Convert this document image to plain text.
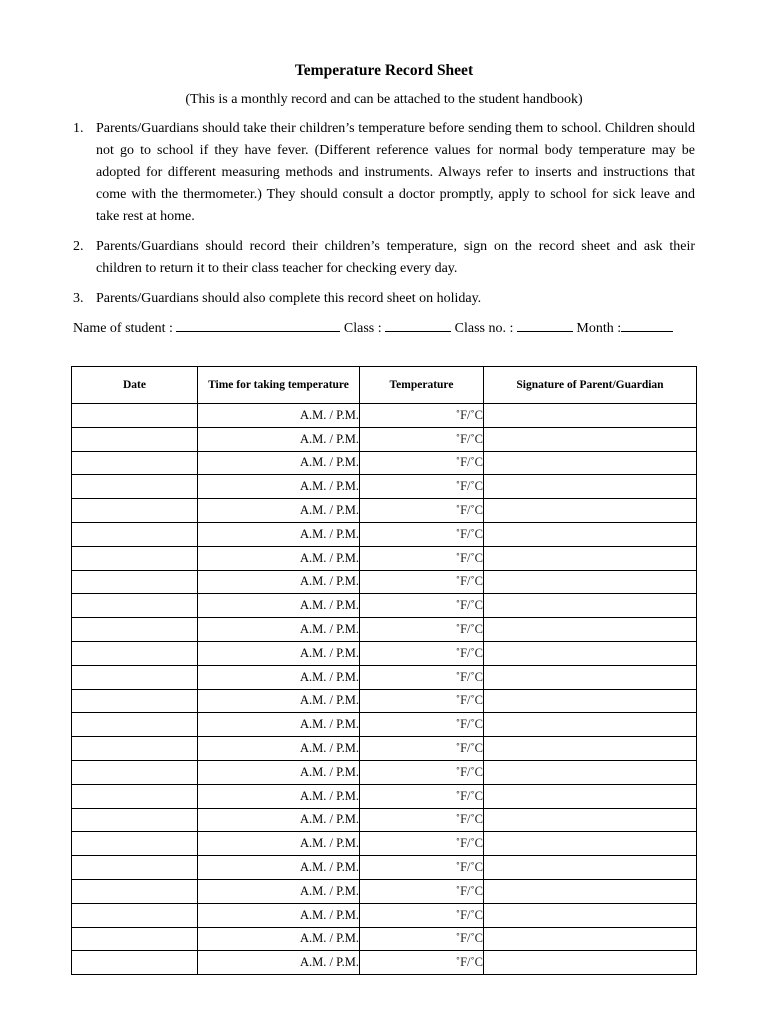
Temperature Record Sheet
(This is a monthly record and can be attached to the student handbook)
1. Parents/Guardians should take their children’s temperature before sending them to school. Children should not go to school if they have fever. (Different reference values for normal body temperature may be adopted for different measuring methods and instruments. Always refer to inserts and instructions that come with the thermometer.) They should consult a doctor promptly, apply to school for sick leave and take rest at home.
2. Parents/Guardians should record their children’s temperature, sign on the record sheet and ask their children to return it to their class teacher for checking every day.
3. Parents/Guardians should also complete this record sheet on holiday.
Name of student :	Class :	Class no. :	Month :
Date	Time for taking temperature	Temperature	Signature of Parent/Guardian
	A.M. / P.M.	˚F/˚C	
	A.M. / P.M.	˚F/˚C	
	A.M. / P.M.	˚F/˚C	
	A.M. / P.M.	˚F/˚C	
	A.M. / P.M.	˚F/˚C	
	A.M. / P.M.	˚F/˚C	
	A.M. / P.M.	˚F/˚C	
	A.M. / P.M.	˚F/˚C	
	A.M. / P.M.	˚F/˚C	
	A.M. / P.M.	˚F/˚C	
	A.M. / P.M.	˚F/˚C	
	A.M. / P.M.	˚F/˚C	
	A.M. / P.M.	˚F/˚C	
	A.M. / P.M.	˚F/˚C	
	A.M. / P.M.	˚F/˚C	
	A.M. / P.M.	˚F/˚C	
	A.M. / P.M.	˚F/˚C	
	A.M. / P.M.	˚F/˚C	
	A.M. / P.M.	˚F/˚C	
	A.M. / P.M.	˚F/˚C	
	A.M. / P.M.	˚F/˚C	
	A.M. / P.M.	˚F/˚C	
	A.M. / P.M.	˚F/˚C	
	A.M. / P.M.	˚F/˚C	
